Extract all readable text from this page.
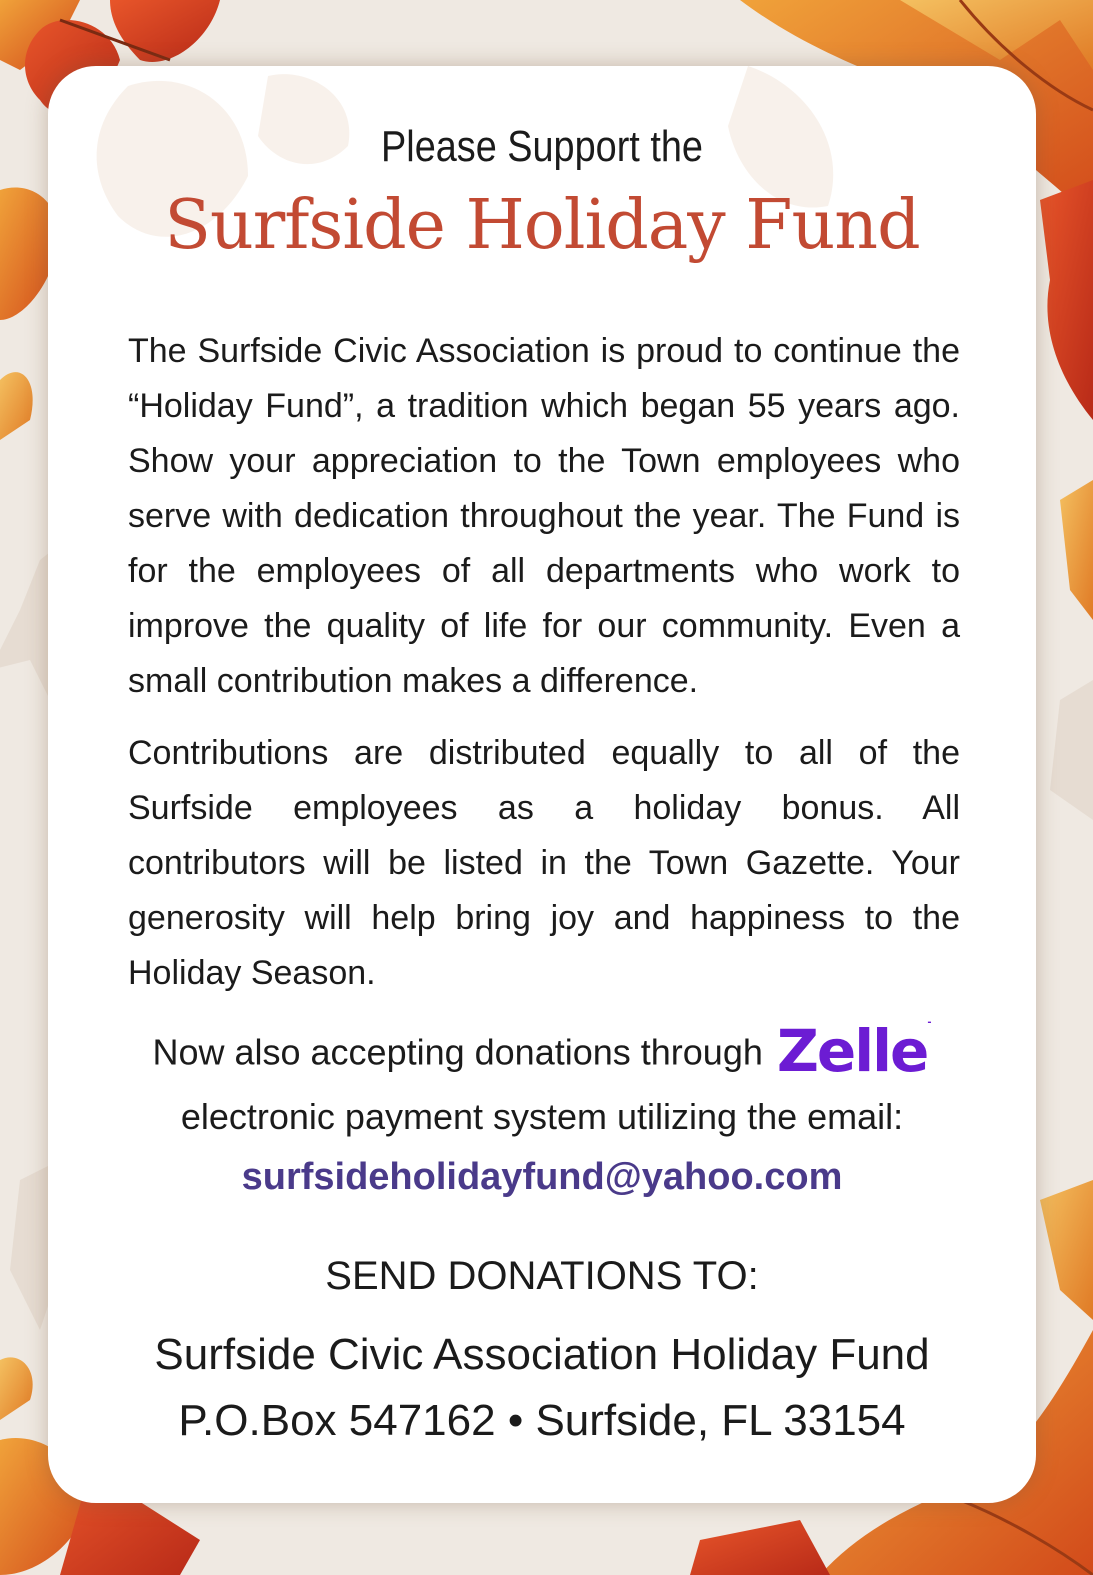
Please Support the
Surfside Holiday Fund
The Surfside Civic Association is proud to continue the “Holiday Fund”, a tradition which began 55 years ago. Show your appreciation to the Town employees who serve with dedication throughout the year. The Fund is for the employees of all departments who work to improve the quality of life for our community. Even a small contribution makes a difference.
Contributions are distributed equally to all of the Surfside employees as a holiday bonus. All contributors will be listed in the Town Gazette. Your generosity will help bring joy and happiness to the Holiday Season.
Now also accepting donations through Zelle-
electronic payment system utilizing the email:
surfsideholidayfund@yahoo.com
SEND DONATIONS TO:
Surfside Civic Association Holiday Fund
P.O.Box 547162 • Surfside, FL 33154
